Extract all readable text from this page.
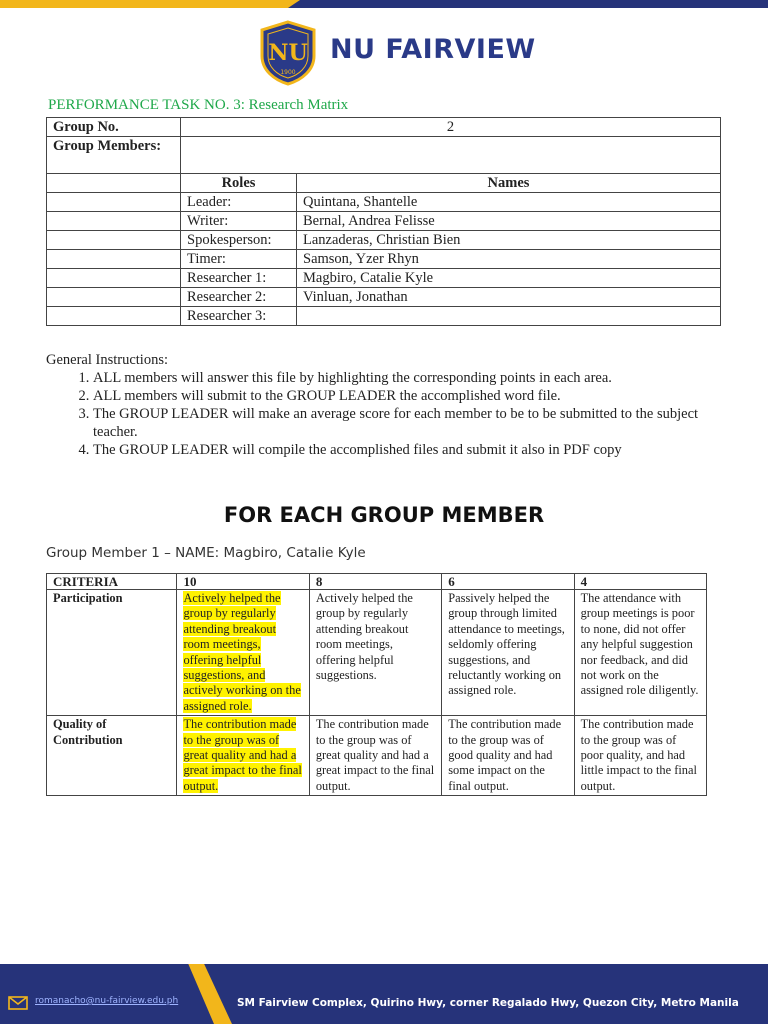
NU
1900
NU FAIRVIEW
PERFORMANCE TASK NO. 3: Research Matrix
Group No.	2	
Group Members:		
	Roles	Names
	Leader:	Quintana, Shantelle
	Writer:	Bernal, Andrea Felisse
	Spokesperson:	Lanzaderas, Christian Bien
	Timer:	Samson, Yzer Rhyn
	Researcher 1:	Magbiro, Catalie Kyle
	Researcher 2:	Vinluan, Jonathan
	Researcher 3:	
General Instructions:
1. ALL members will answer this file by highlighting the corresponding points in each area.
2. ALL members will submit to the GROUP LEADER the accomplished word file.
3. The GROUP LEADER will make an average score for each member to be to be submitted to the subject teacher.
4. The GROUP LEADER will compile the accomplished files and submit it also in PDF copy
FOR EACH GROUP MEMBER
Group Member 1 – NAME: Magbiro, Catalie Kyle
CRITERIA	10	8	6	4
Participation	Actively helped the group by regularly attending breakout room meetings, offering helpful suggestions, and actively working on the assigned role.	Actively helped the group by regularly attending breakout room meetings, offering helpful suggestions.	Passively helped the group through limited attendance to meetings, seldomly offering suggestions, and reluctantly working on assigned role.	The attendance with group meetings is poor to none, did not offer any helpful suggestion nor feedback, and did not work on the assigned role diligently.
Quality of Contribution	The contribution made to the group was of great quality and had a great impact to the final output.	The contribution made to the group was of great quality and had a great impact to the final output.	The contribution made to the group was of good quality and had some impact on the final output.	The contribution made to the group was of poor quality, and had little impact to the final output.
romanacho@nu-fairview.edu.ph	SM Fairview Complex, Quirino Hwy, corner Regalado Hwy, Quezon City, Metro Manila
